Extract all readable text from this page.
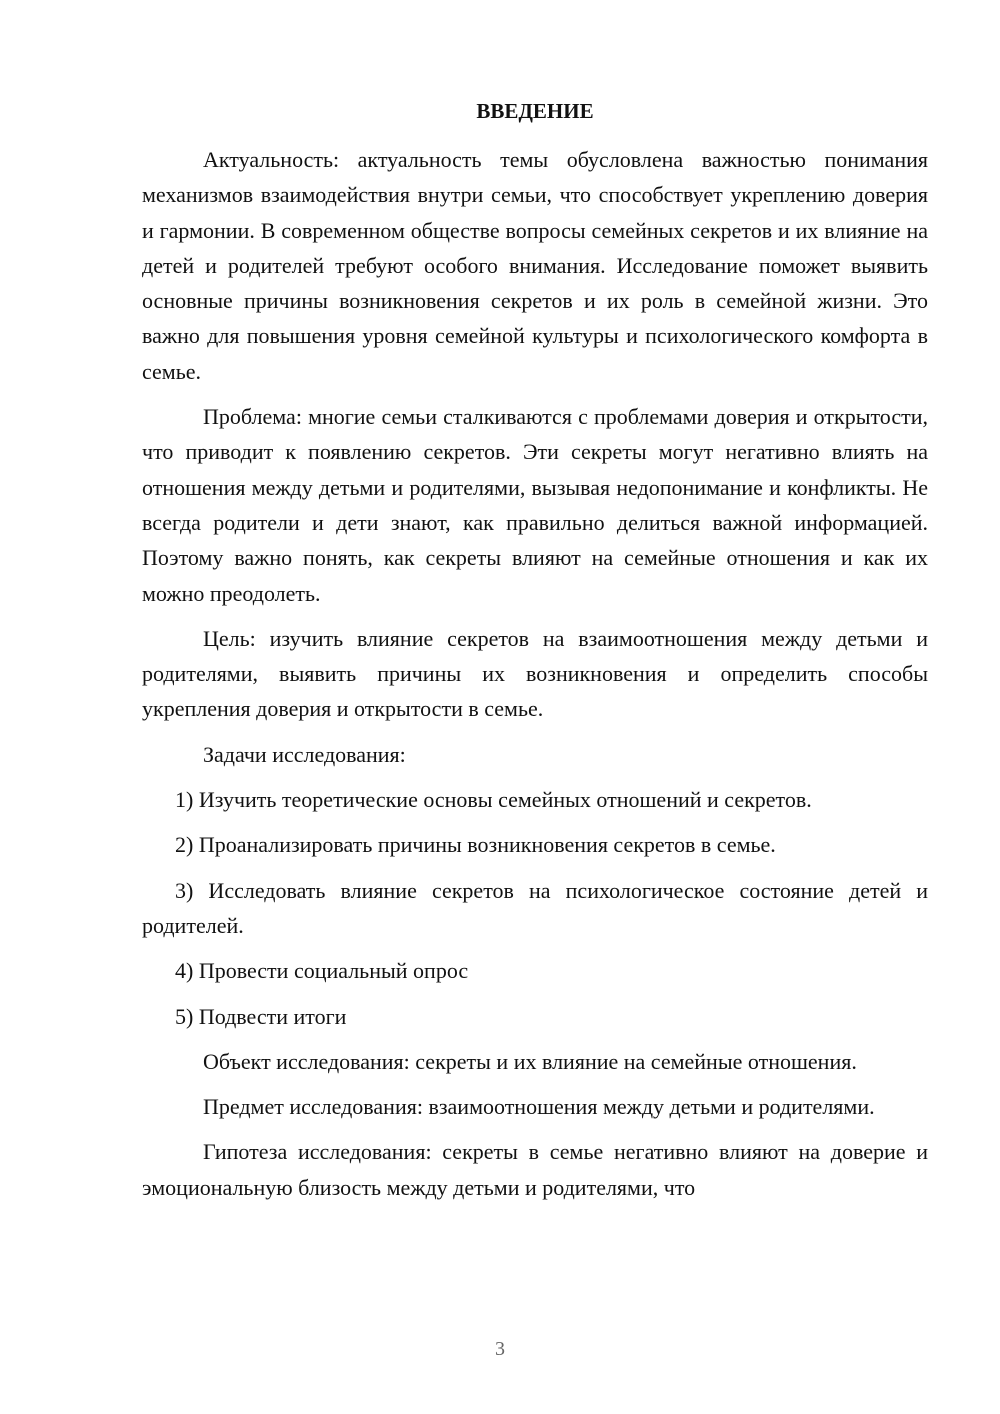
ВВЕДЕНИЕ

Актуальность: актуальность темы обусловлена важностью понимания механизмов взаимодействия внутри семьи, что способствует укреплению доверия и гармонии. В современном обществе вопросы семейных секретов и их влияние на детей и родителей требуют особого внимания. Исследование поможет выявить основные причины возникновения секретов и их роль в семейной жизни. Это важно для повышения уровня семейной культуры и психологического комфорта в семье.

Проблема: многие семьи сталкиваются с проблемами доверия и открытости, что приводит к появлению секретов. Эти секреты могут негативно влиять на отношения между детьми и родителями, вызывая недопонимание и конфликты. Не всегда родители и дети знают, как правильно делиться важной информацией. Поэтому важно понять, как секреты влияют на семейные отношения и как их можно преодолеть.

Цель: изучить влияние секретов на взаимоотношения между детьми и родителями, выявить причины их возникновения и определить способы укрепления доверия и открытости в семье.

Задачи исследования:

1) Изучить теоретические основы семейных отношений и секретов.

2) Проанализировать причины возникновения секретов в семье.

3) Исследовать влияние секретов на психологическое состояние детей и родителей.

4) Провести социальный опрос

5) Подвести итоги

Объект исследования: секреты и их влияние на семейные отношения.

Предмет исследования: взаимоотношения между детьми и родителями.

Гипотеза исследования: секреты в семье негативно влияют на доверие и эмоциональную близость между детьми и родителями, что

3
